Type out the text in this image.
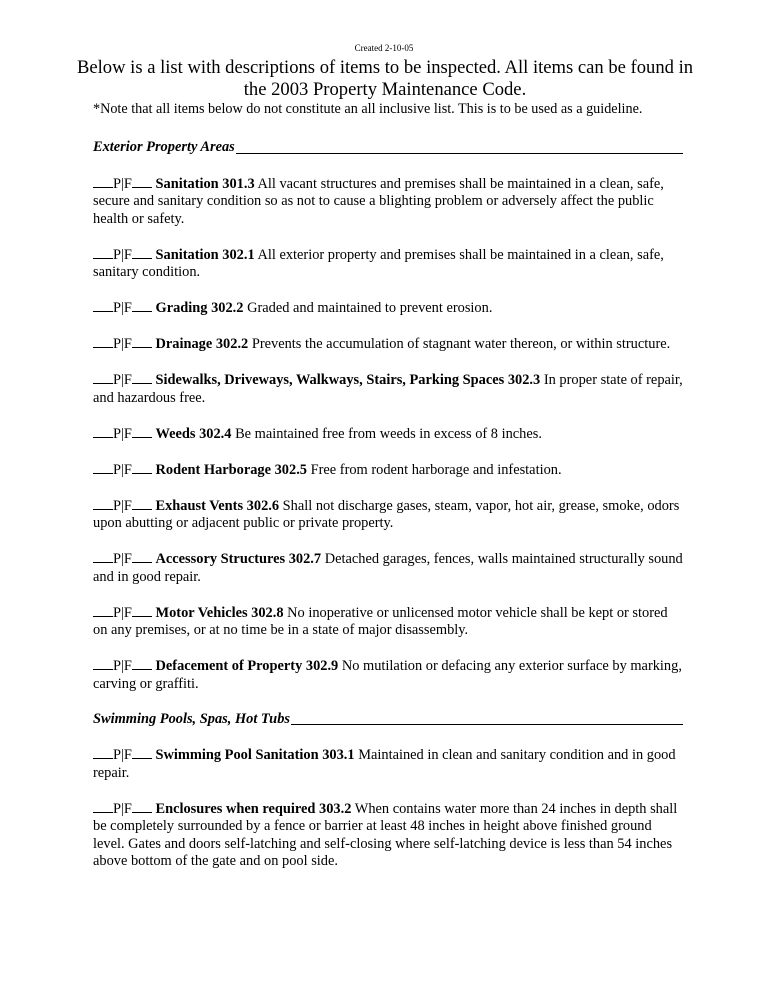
Created 2-10-05
Below is a list with descriptions of items to be inspected. All items can be found in the 2003 Property Maintenance Code.
*Note that all items below do not constitute an all inclusive list. This is to be used as a guideline.
Exterior Property Areas
P|F Sanitation 301.3 All vacant structures and premises shall be maintained in a clean, safe, secure and sanitary condition so as not to cause a blighting problem or adversely affect the public health or safety.
P|F Sanitation 302.1 All exterior property and premises shall be maintained in a clean, safe, sanitary condition.
P|F Grading 302.2 Graded and maintained to prevent erosion.
P|F Drainage 302.2 Prevents the accumulation of stagnant water thereon, or within structure.
P|F Sidewalks, Driveways, Walkways, Stairs, Parking Spaces 302.3 In proper state of repair, and hazardous free.
P|F Weeds 302.4 Be maintained free from weeds in excess of 8 inches.
P|F Rodent Harborage 302.5 Free from rodent harborage and infestation.
P|F Exhaust Vents 302.6 Shall not discharge gases, steam, vapor, hot air, grease, smoke, odors upon abutting or adjacent public or private property.
P|F Accessory Structures 302.7 Detached garages, fences, walls maintained structurally sound and in good repair.
P|F Motor Vehicles 302.8 No inoperative or unlicensed motor vehicle shall be kept or stored on any premises, or at no time be in a state of major disassembly.
P|F Defacement of Property 302.9 No mutilation or defacing any exterior surface by marking, carving or graffiti.
Swimming Pools, Spas, Hot Tubs
P|F Swimming Pool Sanitation 303.1 Maintained in clean and sanitary condition and in good repair.
P|F Enclosures when required 303.2 When contains water more than 24 inches in depth shall be completely surrounded by a fence or barrier at least 48 inches in height above finished ground level. Gates and doors self-latching and self-closing where self-latching device is less than 54 inches above bottom of the gate and on pool side.
